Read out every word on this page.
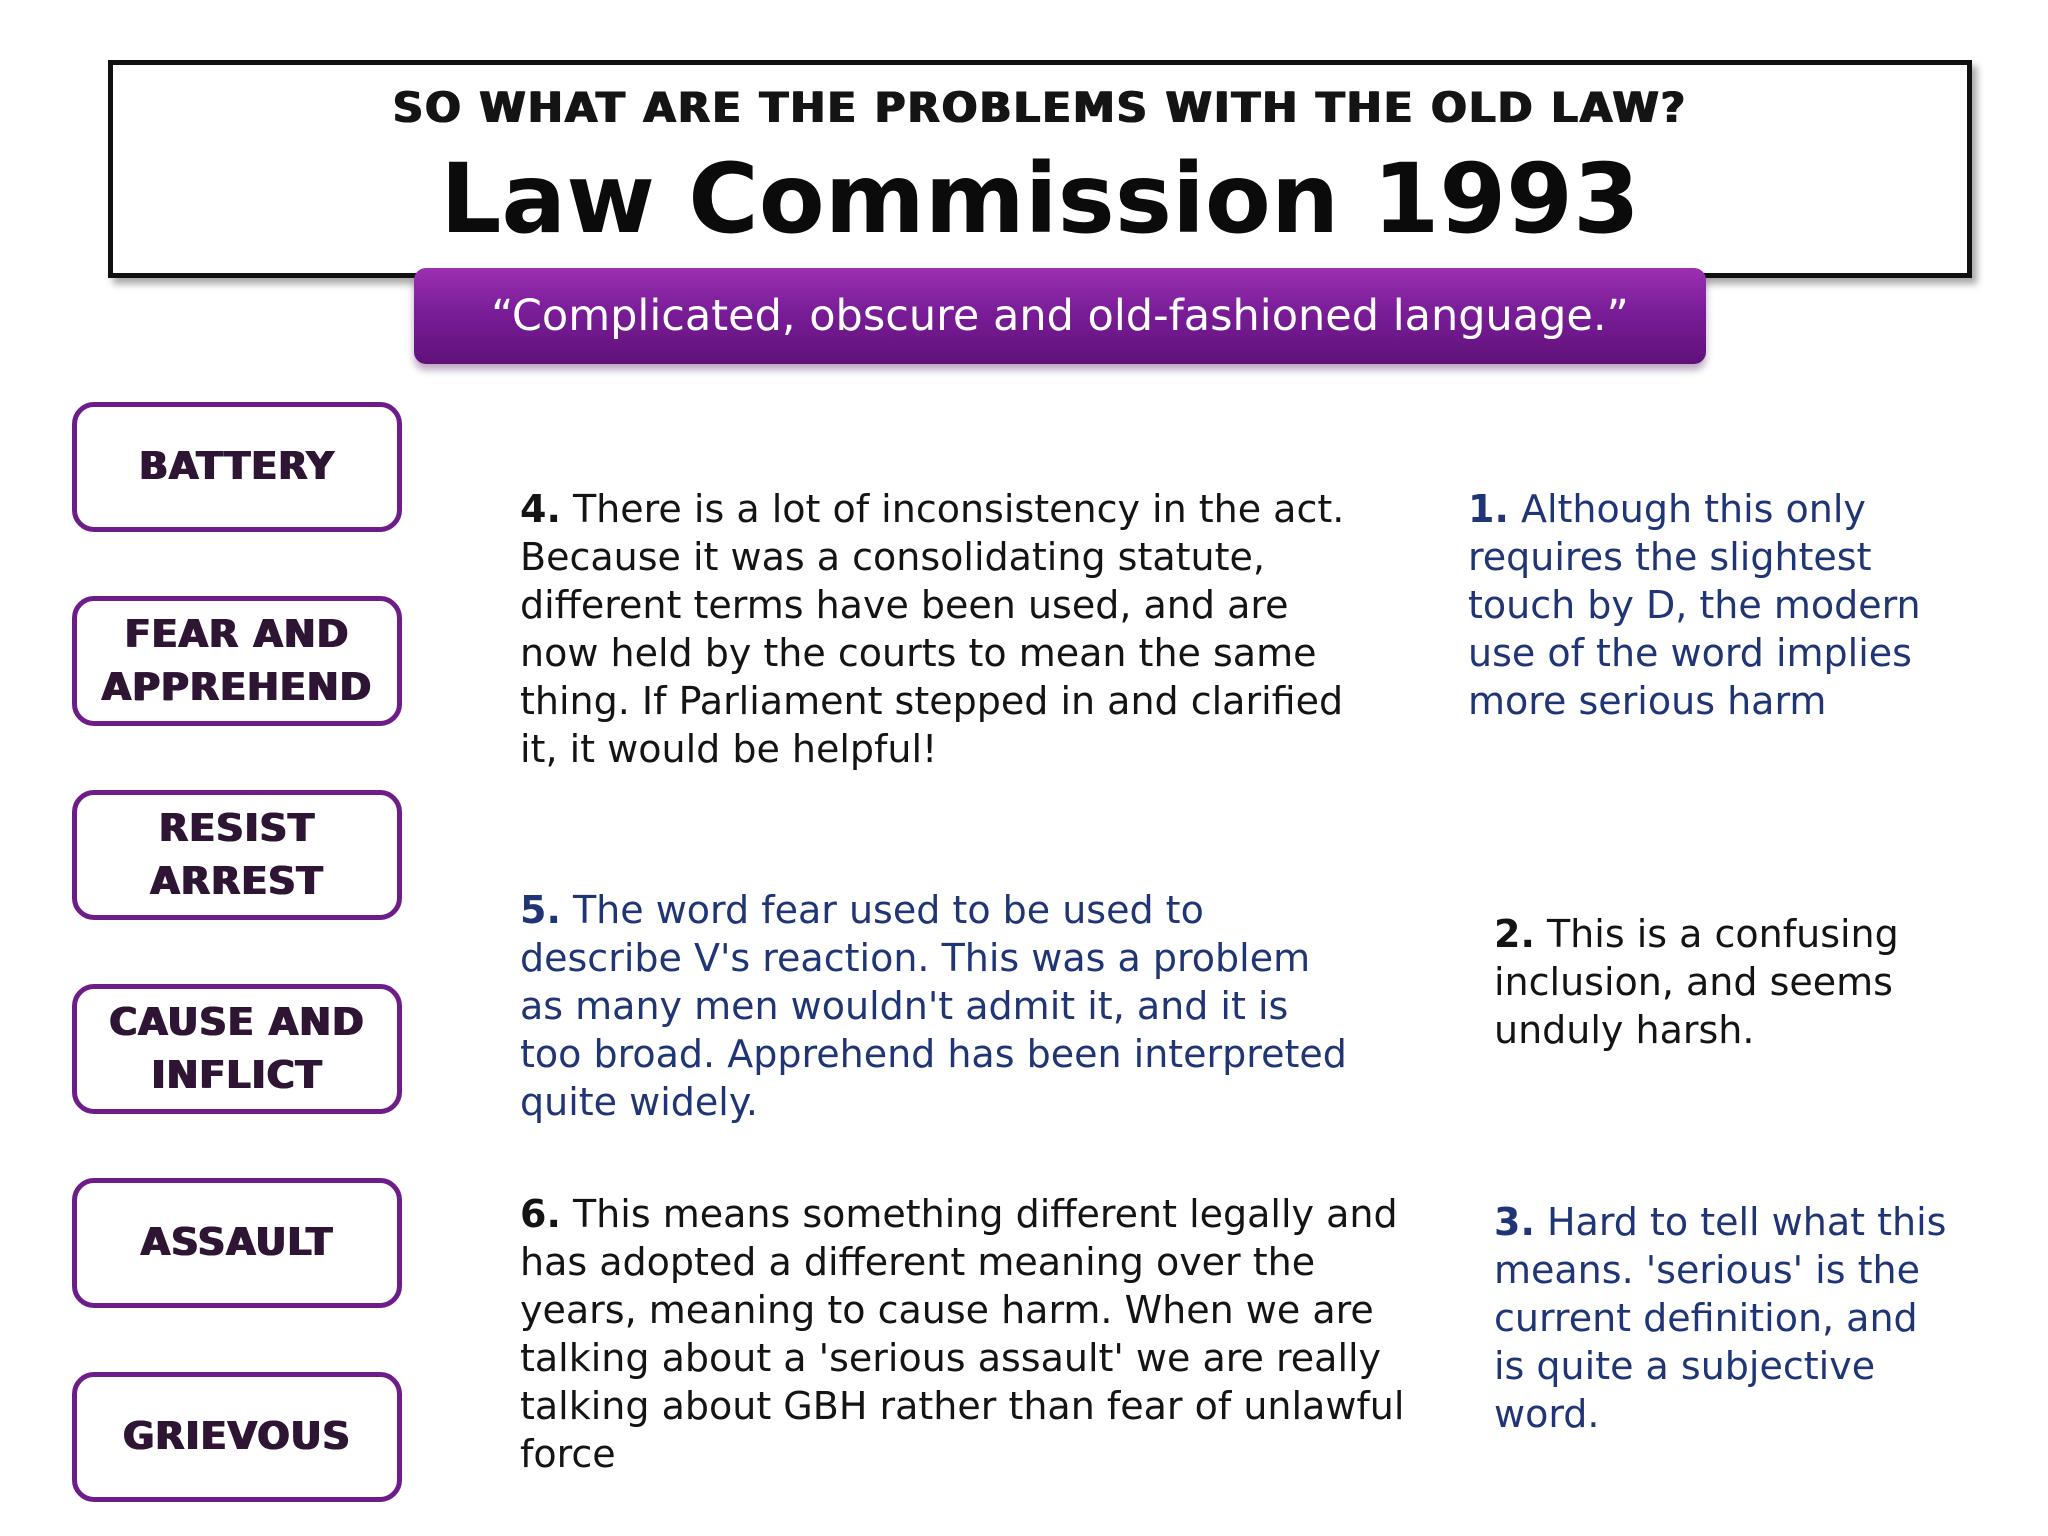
SO WHAT ARE THE PROBLEMS WITH THE OLD LAW?
Law Commission 1993
“Complicated, obscure and old-fashioned language.”
BATTERY
FEAR AND
APPREHEND
RESIST
ARREST
CAUSE AND
INFLICT
ASSAULT
GRIEVOUS

4. There is a lot of inconsistency in the act. Because it was a consolidating statute, different terms have been used, and are now held by the courts to mean the same thing. If Parliament stepped in and clarified it, it would be helpful!

5. The word fear used to be used to describe V's reaction. This was a problem as many men wouldn't admit it, and it is too broad. Apprehend has been interpreted quite widely.

6. This means something different legally and has adopted a different meaning over the years, meaning to cause harm. When we are talking about a 'serious assault' we are really talking about GBH rather than fear of unlawful force

1. Although this only requires the slightest touch by D, the modern use of the word implies more serious harm

2. This is a confusing inclusion, and seems unduly harsh.

3. Hard to tell what this means. 'serious' is the current definition, and is quite a subjective word.
